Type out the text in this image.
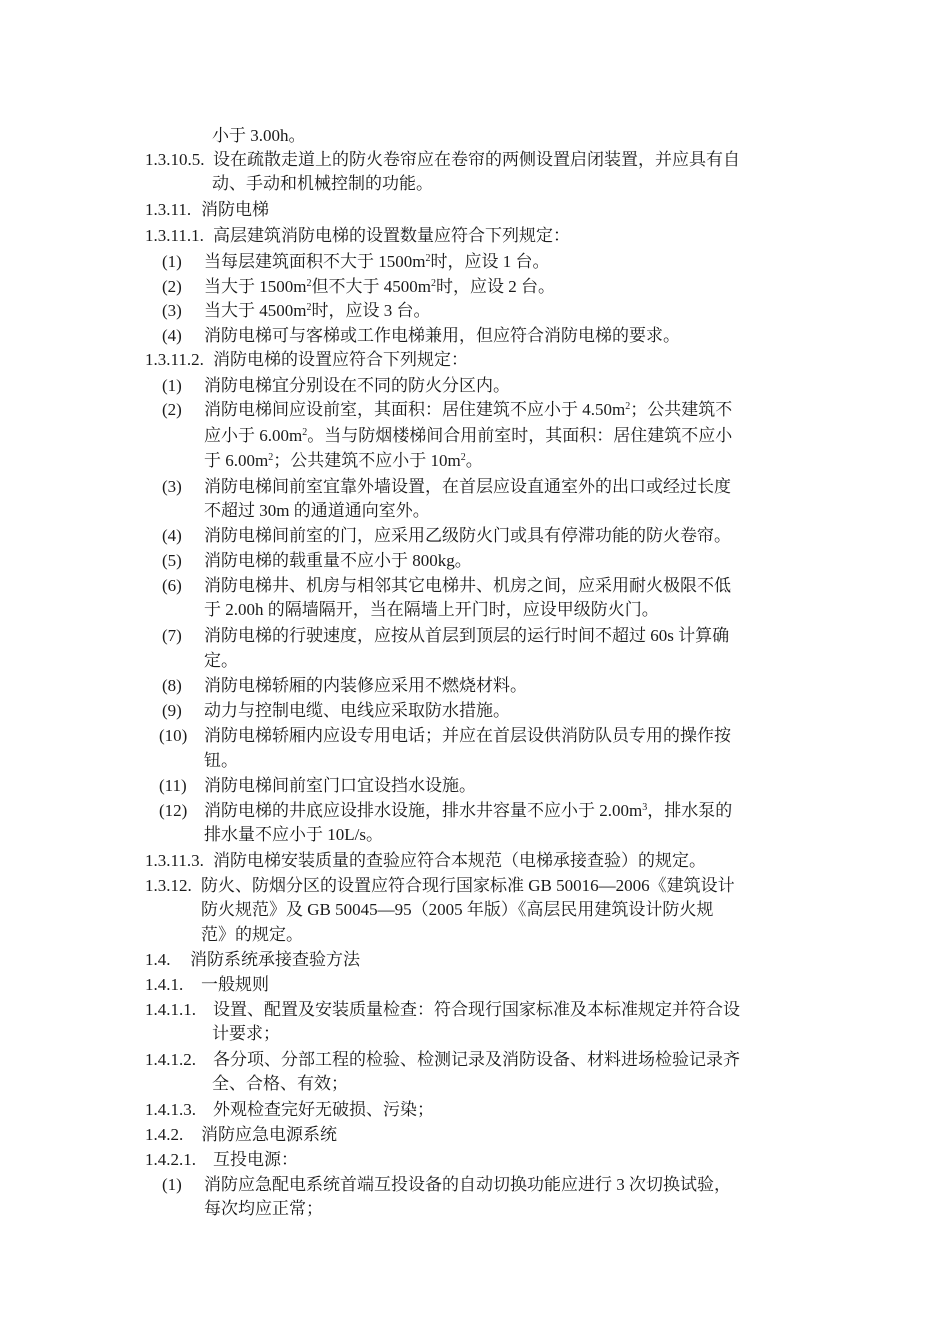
小于 3.00h。
1.3.10.5. 设在疏散走道上的防火卷帘应在卷帘的两侧设置启闭装置，并应具有自
动、手动和机械控制的功能。
1.3.11. 消防电梯
1.3.11.1. 高层建筑消防电梯的设置数量应符合下列规定：
(1) 当每层建筑面积不大于 $1500m^2$时，应设 1 台。
(2) 当大于 $1500m^2$但不大于 $4500m^2$时，应设 2 台。
(3) 当大于 $4500m^2$时，应设 3 台。
(4) 消防电梯可与客梯或工作电梯兼用，但应符合消防电梯的要求。
1.3.11.2. 消防电梯的设置应符合下列规定：
(1) 消防电梯宜分别设在不同的防火分区内。
(2) 消防电梯间应设前室，其面积：居住建筑不应小于 $4.50m^2$；公共建筑不
应小于 $6.00m^2$。当与防烟楼梯间合用前室时，其面积：居住建筑不应小
于 $6.00m^2$；公共建筑不应小于 $10m^2$。
(3) 消防电梯间前室宜靠外墙设置，在首层应设直通室外的出口或经过长度
不超过 30m 的通道通向室外。
(4) 消防电梯间前室的门，应采用乙级防火门或具有停滞功能的防火卷帘。
(5) 消防电梯的载重量不应小于 800kg。
(6) 消防电梯井、机房与相邻其它电梯井、机房之间，应采用耐火极限不低
于 2.00h 的隔墙隔开，当在隔墙上开门时，应设甲级防火门。
(7) 消防电梯的行驶速度，应按从首层到顶层的运行时间不超过 60s 计算确
定。
(8) 消防电梯轿厢的内装修应采用不燃烧材料。
(9) 动力与控制电缆、电线应采取防水措施。
(10) 消防电梯轿厢内应设专用电话；并应在首层设供消防队员专用的操作按
钮。
(11) 消防电梯间前室门口宜设挡水设施。
(12) 消防电梯的井底应设排水设施，排水井容量不应小于 $2.00m^3$，排水泵的
排水量不应小于 10L/s。
1.3.11.3. 消防电梯安装质量的查验应符合本规范（电梯承接查验）的规定。
1.3.12. 防火、防烟分区的设置应符合现行国家标准 GB 50016—2006《建筑设计
防火规范》及 GB 50045—95（2005 年版）《高层民用建筑设计防火规
范》的规定。
1.4. 消防系统承接查验方法
1.4.1. 一般规则
1.4.1.1. 设置、配置及安装质量检查：符合现行国家标准及本标准规定并符合设
计要求；
1.4.1.2. 各分项、分部工程的检验、检测记录及消防设备、材料进场检验记录齐
全、合格、有效；
1.4.1.3. 外观检查完好无破损、污染；
1.4.2. 消防应急电源系统
1.4.2.1. 互投电源：
(1) 消防应急配电系统首端互投设备的自动切换功能应进行 3 次切换试验，
每次均应正常；
